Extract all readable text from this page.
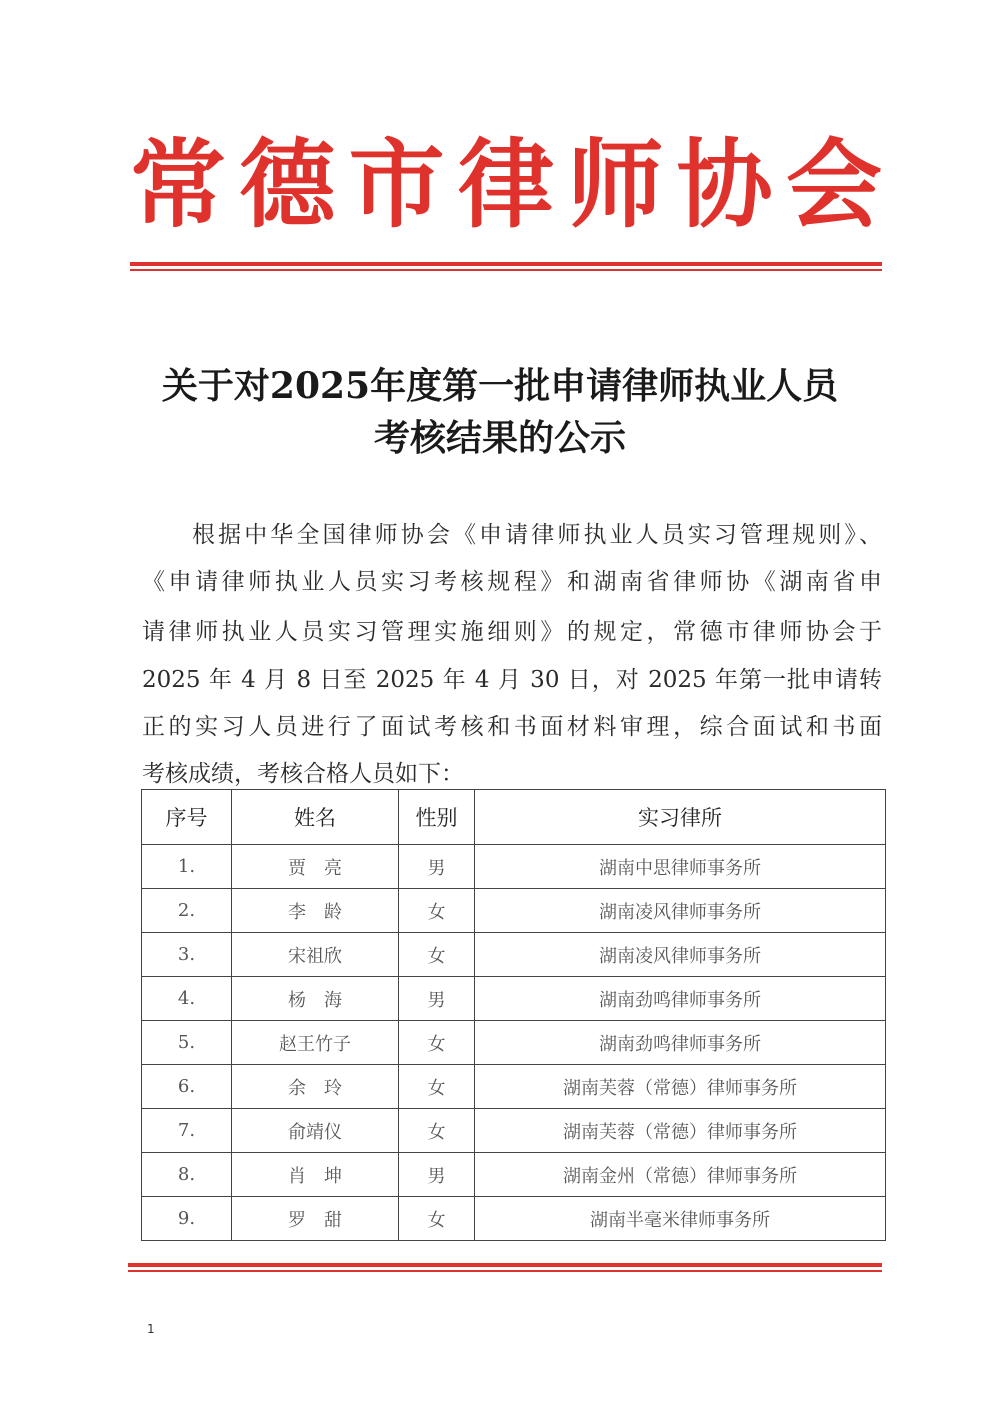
常 德 市 律 师 协 会
关于对2025年度第一批申请律师执业人员
考核结果的公示
根据中华全国律师协会《申请律师执业人员实习管理规则》、
《申请律师执业人员实习考核规程》和湖南省律师协《湖南省申
请律师执业人员实习管理实施细则》的规定，常德市律师协会于
2025 年 4 月 8 日至 2025 年 4 月 30 日，对 2025 年第一批申请转
正的实习人员进行了面试考核和书面材料审理，综合面试和书面
考核成绩，考核合格人员如下：
序号	姓名	性别	实习律所
1.	贾　亮	男	湖南中思律师事务所
2.	李　龄	女	湖南凌风律师事务所
3.	宋祖欣	女	湖南凌风律师事务所
4.	杨　海	男	湖南劲鸣律师事务所
5.	赵王竹子	女	湖南劲鸣律师事务所
6.	余　玲	女	湖南芙蓉（常德）律师事务所
7.	俞靖仪	女	湖南芙蓉（常德）律师事务所
8.	肖　坤	男	湖南金州（常德）律师事务所
9.	罗　甜	女	湖南半毫米律师事务所
1
